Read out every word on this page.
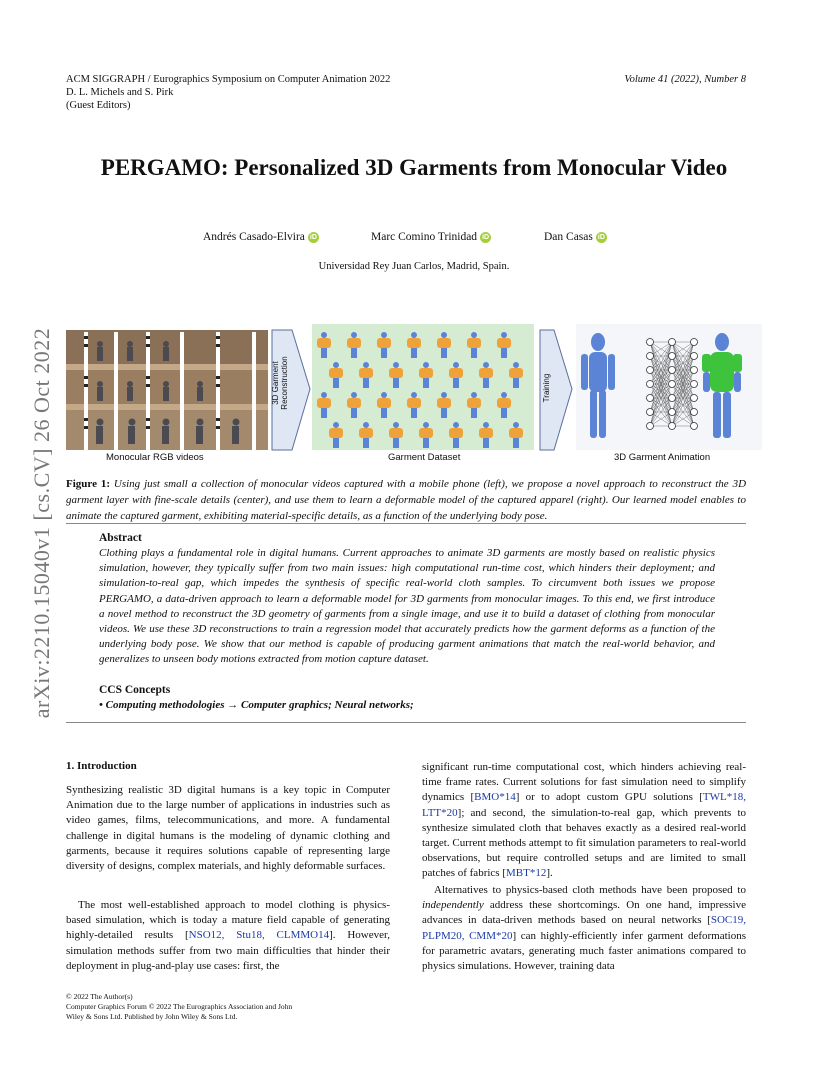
ACM SIGGRAPH / Eurographics Symposium on Computer Animation 2022
D. L. Michels and S. Pirk
(Guest Editors)
Volume 41 (2022), Number 8
arXiv:2210.15040v1 [cs.CV] 26 Oct 2022
PERGAMO: Personalized 3D Garments from Monocular Video
Andrés Casado-Elvira iD	Marc Comino Trinidad iD	Dan Casas iD
Universidad Rey Juan Carlos, Madrid, Spain.
Monocular RGB videos	Garment Dataset	3D Garment Animation
3D Garment Reconstruction	Training
Figure 1: Using just small a collection of monocular videos captured with a mobile phone (left), we propose a novel approach to reconstruct the 3D garment layer with fine-scale details (center), and use them to learn a deformable model of the captured apparel (right). Our learned model enables to animate the captured garment, exhibiting material-specific details, as a function of the underlying body pose.
Abstract
Clothing plays a fundamental role in digital humans. Current approaches to animate 3D garments are mostly based on realistic physics simulation, however, they typically suffer from two main issues: high computational run-time cost, which hinders their deployment; and simulation-to-real gap, which impedes the synthesis of specific real-world cloth samples. To circumvent both issues we propose PERGAMO, a data-driven approach to learn a deformable model for 3D garments from monocular images. To this end, we first introduce a novel method to reconstruct the 3D geometry of garments from a single image, and use it to build a dataset of clothing from monocular videos. We use these 3D reconstructions to train a regression model that accurately predicts how the garment deforms as a function of the underlying body pose. We show that our method is capable of producing garment animations that match the real-world behavior, and generalizes to unseen body motions extracted from motion capture dataset.
CCS Concepts
• Computing methodologies → Computer graphics; Neural networks;
1. Introduction
Synthesizing realistic 3D digital humans is a key topic in Computer Animation due to the large number of applications in industries such as video games, films, telecommunications, and more. A fundamental challenge in digital humans is the modeling of dynamic clothing and garments, because it requires solutions capable of representing large diversity of designs, complex materials, and highly deformable surfaces.
The most well-established approach to model clothing is physics-based simulation, which is today a mature field capable of generating highly-detailed results [NSO12, Stu18, CLMMO14]. However, simulation methods suffer from two main difficulties that hinder their deployment in plug-and-play use cases: first, the
significant run-time computational cost, which hinders achieving real-time frame rates. Current solutions for fast simulation need to simplify dynamics [BMO*14] or to adopt custom GPU solutions [TWL*18, LTT*20]; and second, the simulation-to-real gap, which prevents to synthesize simulated cloth that behaves exactly as a desired real-world target. Current methods attempt to fit simulation parameters to real-world observations, but require controlled setups and are limited to small patches of fabrics [MBT*12].
Alternatives to physics-based cloth methods have been proposed to independently address these shortcomings. On one hand, impressive advances in data-driven methods based on neural networks [SOC19, PLPM20, CMM*20] can highly-efficiently infer garment deformations for parametric avatars, generating much faster animations compared to physics simulations. However, training data
© 2022 The Author(s)
Computer Graphics Forum © 2022 The Eurographics Association and John
Wiley & Sons Ltd. Published by John Wiley & Sons Ltd.
